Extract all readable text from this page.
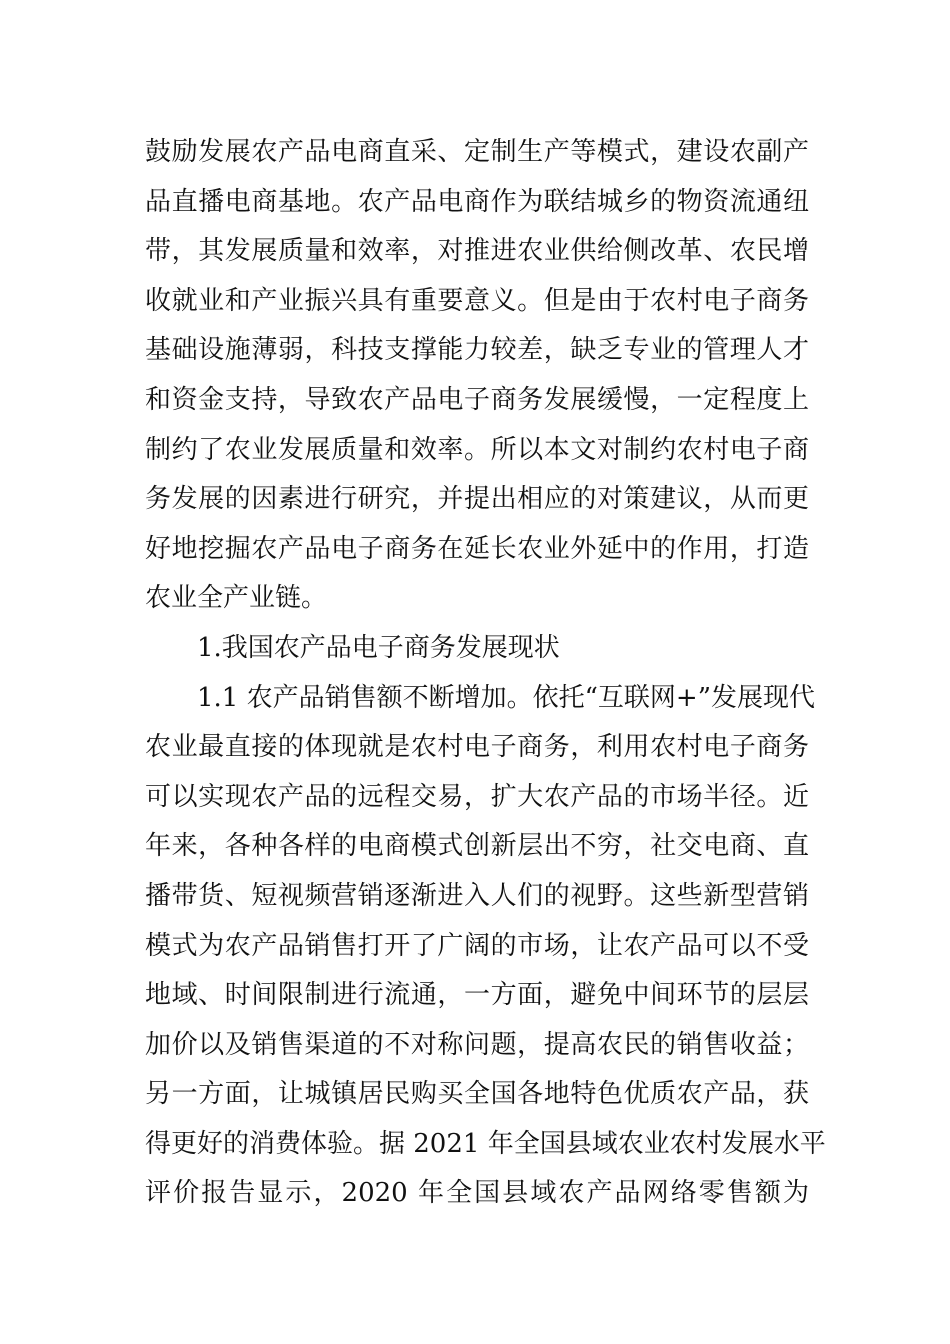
鼓励发展农产品电商直采、定制生产等模式，建设农副产
品直播电商基地。农产品电商作为联结城乡的物资流通纽
带，其发展质量和效率，对推进农业供给侧改革、农民增
收就业和产业振兴具有重要意义。但是由于农村电子商务
基础设施薄弱，科技支撑能力较差，缺乏专业的管理人才
和资金支持，导致农产品电子商务发展缓慢，一定程度上
制约了农业发展质量和效率。所以本文对制约农村电子商
务发展的因素进行研究，并提出相应的对策建议，从而更
好地挖掘农产品电子商务在延长农业外延中的作用，打造
农业全产业链。
1.我国农产品电子商务发展现状
1.1 农产品销售额不断增加。依托“互联网+”发展现代
农业最直接的体现就是农村电子商务，利用农村电子商务
可以实现农产品的远程交易，扩大农产品的市场半径。近
年来，各种各样的电商模式创新层出不穷，社交电商、直
播带货、短视频营销逐渐进入人们的视野。这些新型营销
模式为农产品销售打开了广阔的市场，让农产品可以不受
地域、时间限制进行流通，一方面，避免中间环节的层层
加价以及销售渠道的不对称问题，提高农民的销售收益；
另一方面，让城镇居民购买全国各地特色优质农产品，获
得更好的消费体验。据 2021 年全国县域农业农村发展水平
评价报告显示，2020 年全国县域农产品网络零售额为
